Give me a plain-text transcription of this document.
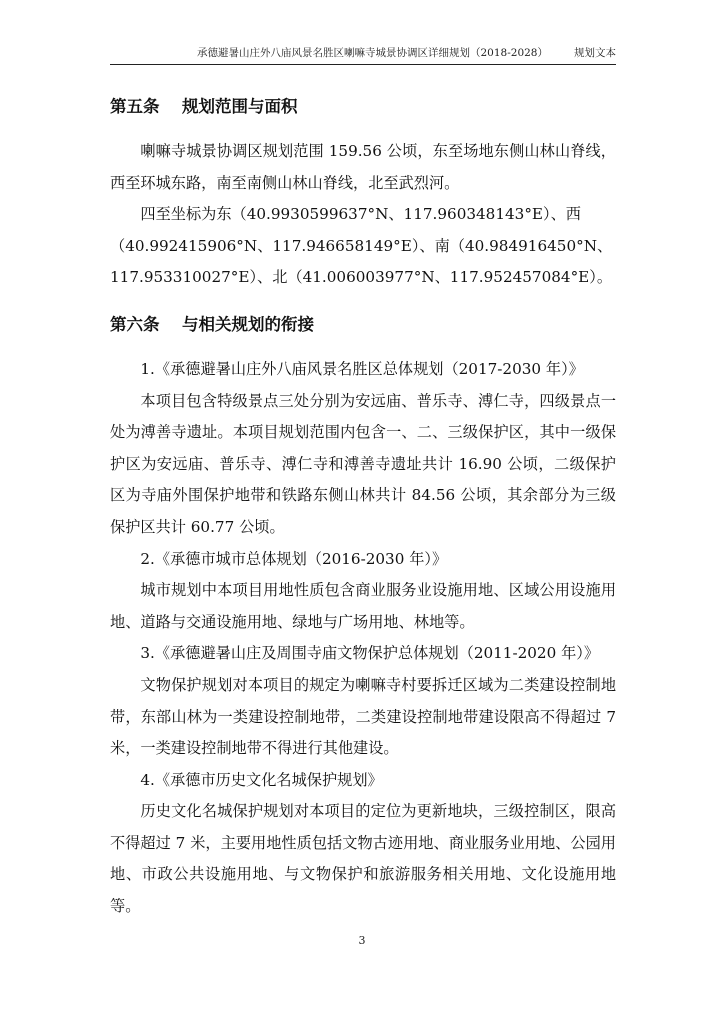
承德避暑山庄外八庙风景名胜区喇嘛寺城景协调区详细规划（2018-2028） 规划文本
第五条 规划范围与面积

喇嘛寺城景协调区规划范围 159.56 公顷，东至场地东侧山林山脊线，西至环城东路，南至南侧山林山脊线，北至武烈河。

四至坐标为东（40.9930599637°N、117.960348143°E）、西

（40.992415906°N、117.946658149°E）、南（40.984916450°N、

117.953310027°E）、北（41.006003977°N、117.952457084°E）。

第六条 与相关规划的衔接

1.《承德避暑山庄外八庙风景名胜区总体规划（2017-2030 年）》

本项目包含特级景点三处分别为安远庙、普乐寺、溥仁寺，四级景点一处为溥善寺遗址。本项目规划范围内包含一、二、三级保护区，其中一级保护区为安远庙、普乐寺、溥仁寺和溥善寺遗址共计 16.90 公顷，二级保护区为寺庙外围保护地带和铁路东侧山林共计 84.56 公顷，其余部分为三级保护区共计 60.77 公顷。

2.《承德市城市总体规划（2016-2030 年）》

城市规划中本项目用地性质包含商业服务业设施用地、区域公用设施用地、道路与交通设施用地、绿地与广场用地、林地等。

3.《承德避暑山庄及周围寺庙文物保护总体规划（2011-2020 年）》

文物保护规划对本项目的规定为喇嘛寺村要拆迁区域为二类建设控制地带，东部山林为一类建设控制地带，二类建设控制地带建设限高不得超过 7 米，一类建设控制地带不得进行其他建设。

4.《承德市历史文化名城保护规划》

历史文化名城保护规划对本项目的定位为更新地块，三级控制区，限高不得超过 7 米，主要用地性质包括文物古迹用地、商业服务业用地、公园用地、市政公共设施用地、与文物保护和旅游服务相关用地、文化设施用地等。

3
